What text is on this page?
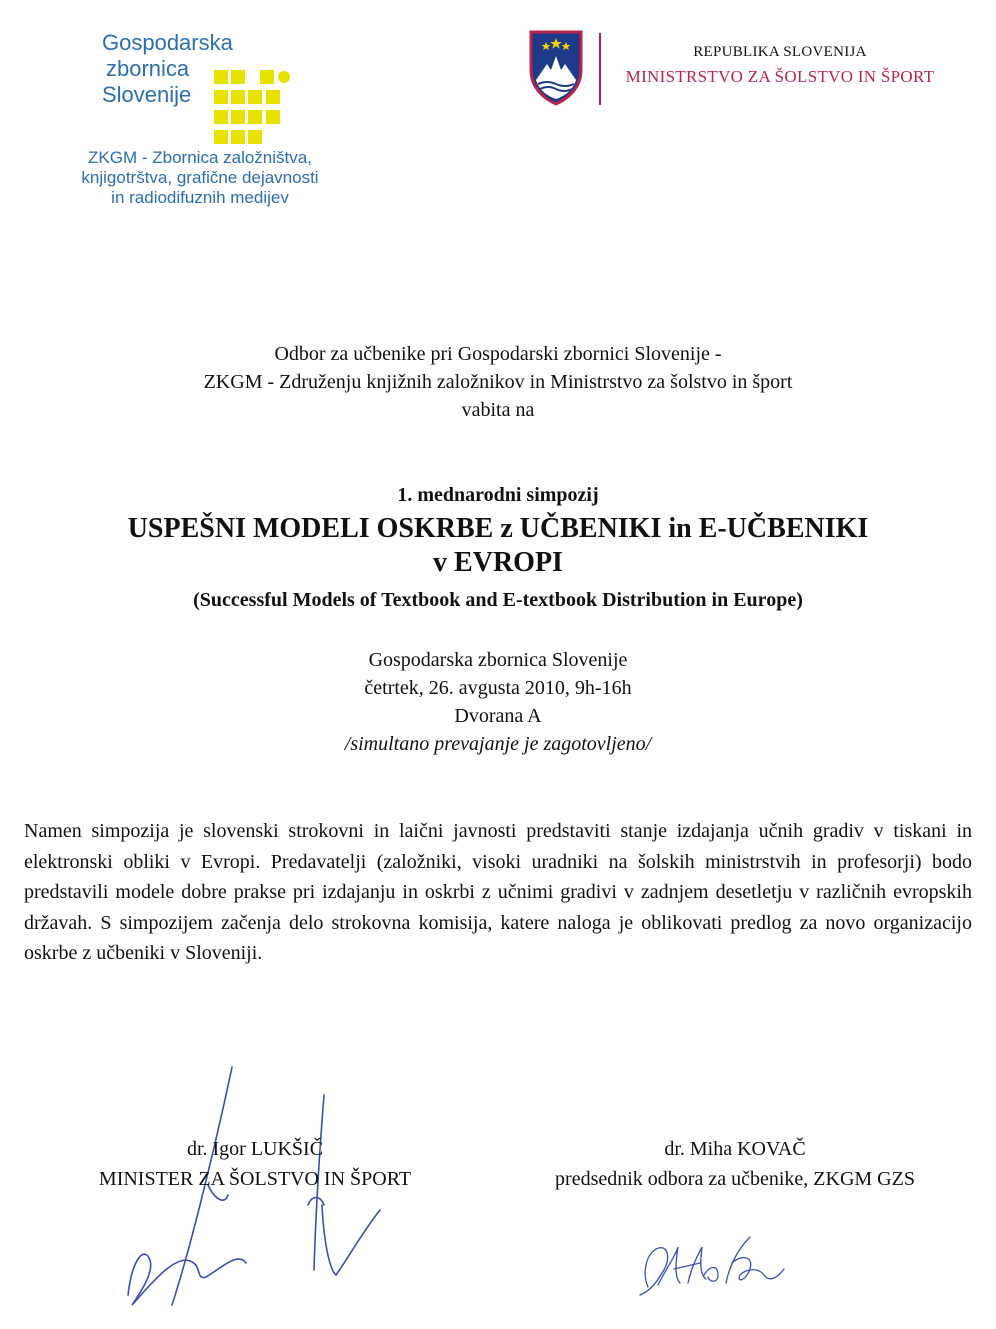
Gospodarska
zbornica
Slovenije
ZKGM - Zbornica založništva,
knjigotrštva, grafične dejavnosti
in radiodifuznih medijev
REPUBLIKA SLOVENIJA
MINISTRSTVO ZA ŠOLSTVO IN ŠPORT
Odbor za učbenike pri Gospodarski zbornici Slovenije -
ZKGM - Združenju knjižnih založnikov in Ministrstvo za šolstvo in šport
vabita na
1. mednarodni simpozij
USPEŠNI MODELI OSKRBE z UČBENIKI in E-UČBENIKI
v EVROPI
(Successful Models of Textbook and E-textbook Distribution in Europe)
Gospodarska zbornica Slovenije
četrtek, 26. avgusta 2010, 9h-16h
Dvorana A
/simultano prevajanje je zagotovljeno/
Namen simpozija je slovenski strokovni in laični javnosti predstaviti stanje izdajanja učnih gradiv v tiskani in elektronski obliki v Evropi. Predavatelji (založniki, visoki uradniki na šolskih ministrstvih in profesorji) bodo predstavili modele dobre prakse pri izdajanju in oskrbi z učnimi gradivi v zadnjem desetletju v različnih evropskih državah. S simpozijem začenja delo strokovna komisija, katere naloga je oblikovati predlog za novo organizacijo oskrbe z učbeniki v Sloveniji.
dr. Igor LUKŠIČ
MINISTER ZA ŠOLSTVO IN ŠPORT
dr. Miha KOVAČ
predsednik odbora za učbenike, ZKGM GZS
